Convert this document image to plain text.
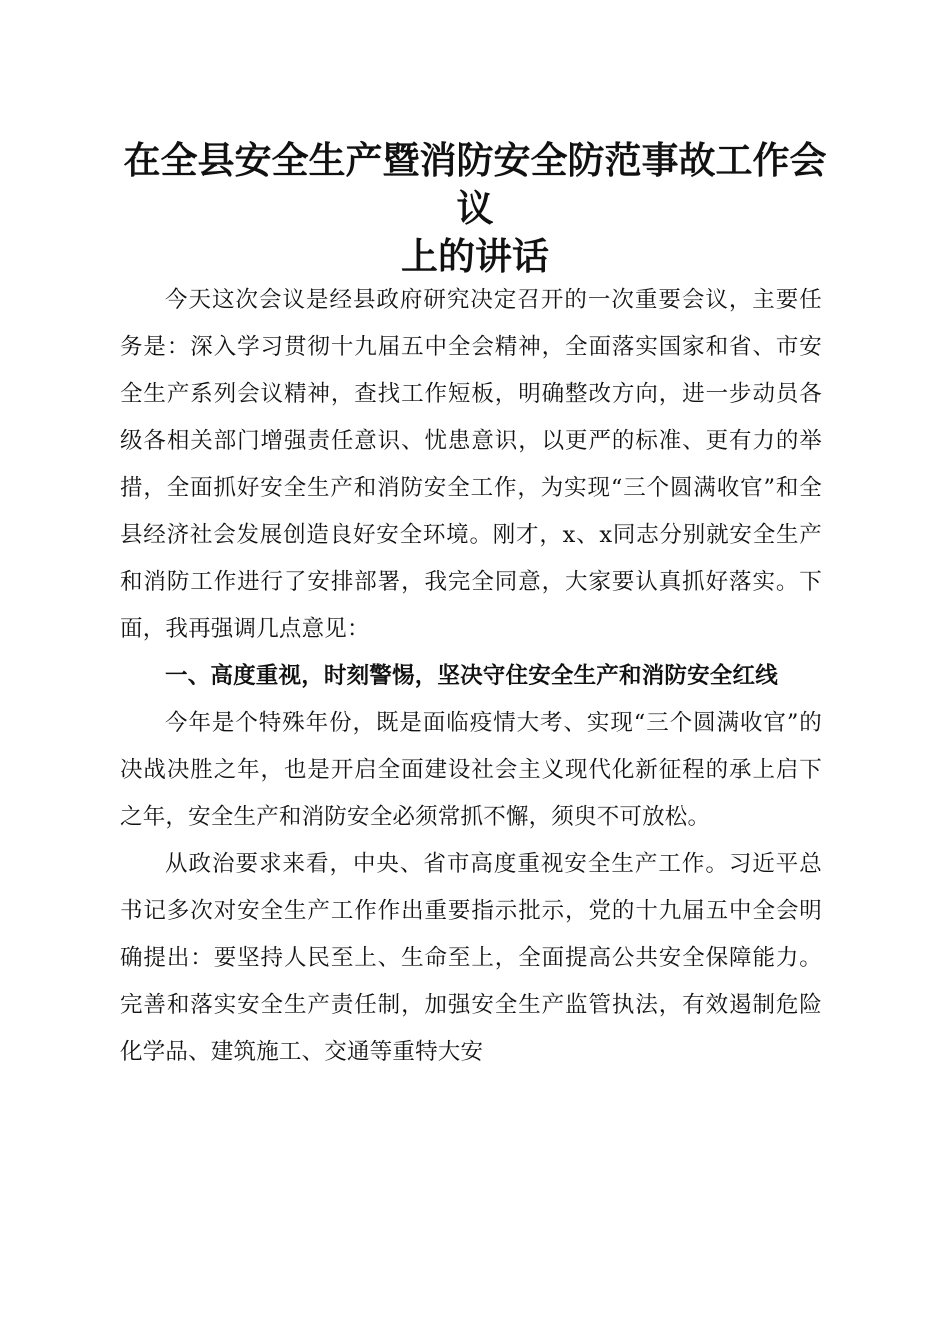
在全县安全生产暨消防安全防范事故工作会议
上的讲话

今天这次会议是经县政府研究决定召开的一次重要会议，主要任务是：深入学习贯彻十九届五中全会精神，全面落实国家和省、市安全生产系列会议精神，查找工作短板，明确整改方向，进一步动员各级各相关部门增强责任意识、忧患意识，以更严的标准、更有力的举措，全面抓好安全生产和消防安全工作，为实现“三个圆满收官”和全县经济社会发展创造良好安全环境。刚才，x、x同志分别就安全生产和消防工作进行了安排部署，我完全同意，大家要认真抓好落实。下面，我再强调几点意见：

一、高度重视，时刻警惕，坚决守住安全生产和消防安全红线

今年是个特殊年份，既是面临疫情大考、实现“三个圆满收官”的决战决胜之年，也是开启全面建设社会主义现代化新征程的承上启下之年，安全生产和消防安全必须常抓不懈，须臾不可放松。

从政治要求来看，中央、省市高度重视安全生产工作。习近平总书记多次对安全生产工作作出重要指示批示，党的十九届五中全会明确提出：要坚持人民至上、生命至上，全面提高公共安全保障能力。完善和落实安全生产责任制，加强安全生产监管执法，有效遏制危险化学品、建筑施工、交通等重特大安
